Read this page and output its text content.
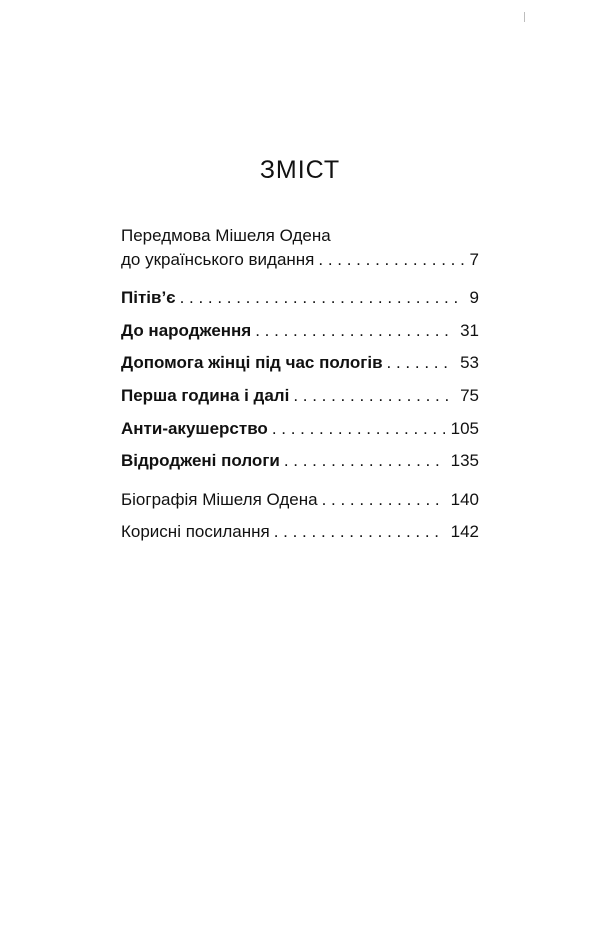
ЗМІСТ
Передмова Мішеля Одена
до українського видання . . .	7
Пітів’є . . .	9
До народження . . .	31
Допомога жінці під час пологів . . .	53
Перша година і далі . . .	75
Анти-акушерство . . .	105
Відроджені пологи . . .	135
Біографія Мішеля Одена . . .	140
Корисні посилання . . .	142
